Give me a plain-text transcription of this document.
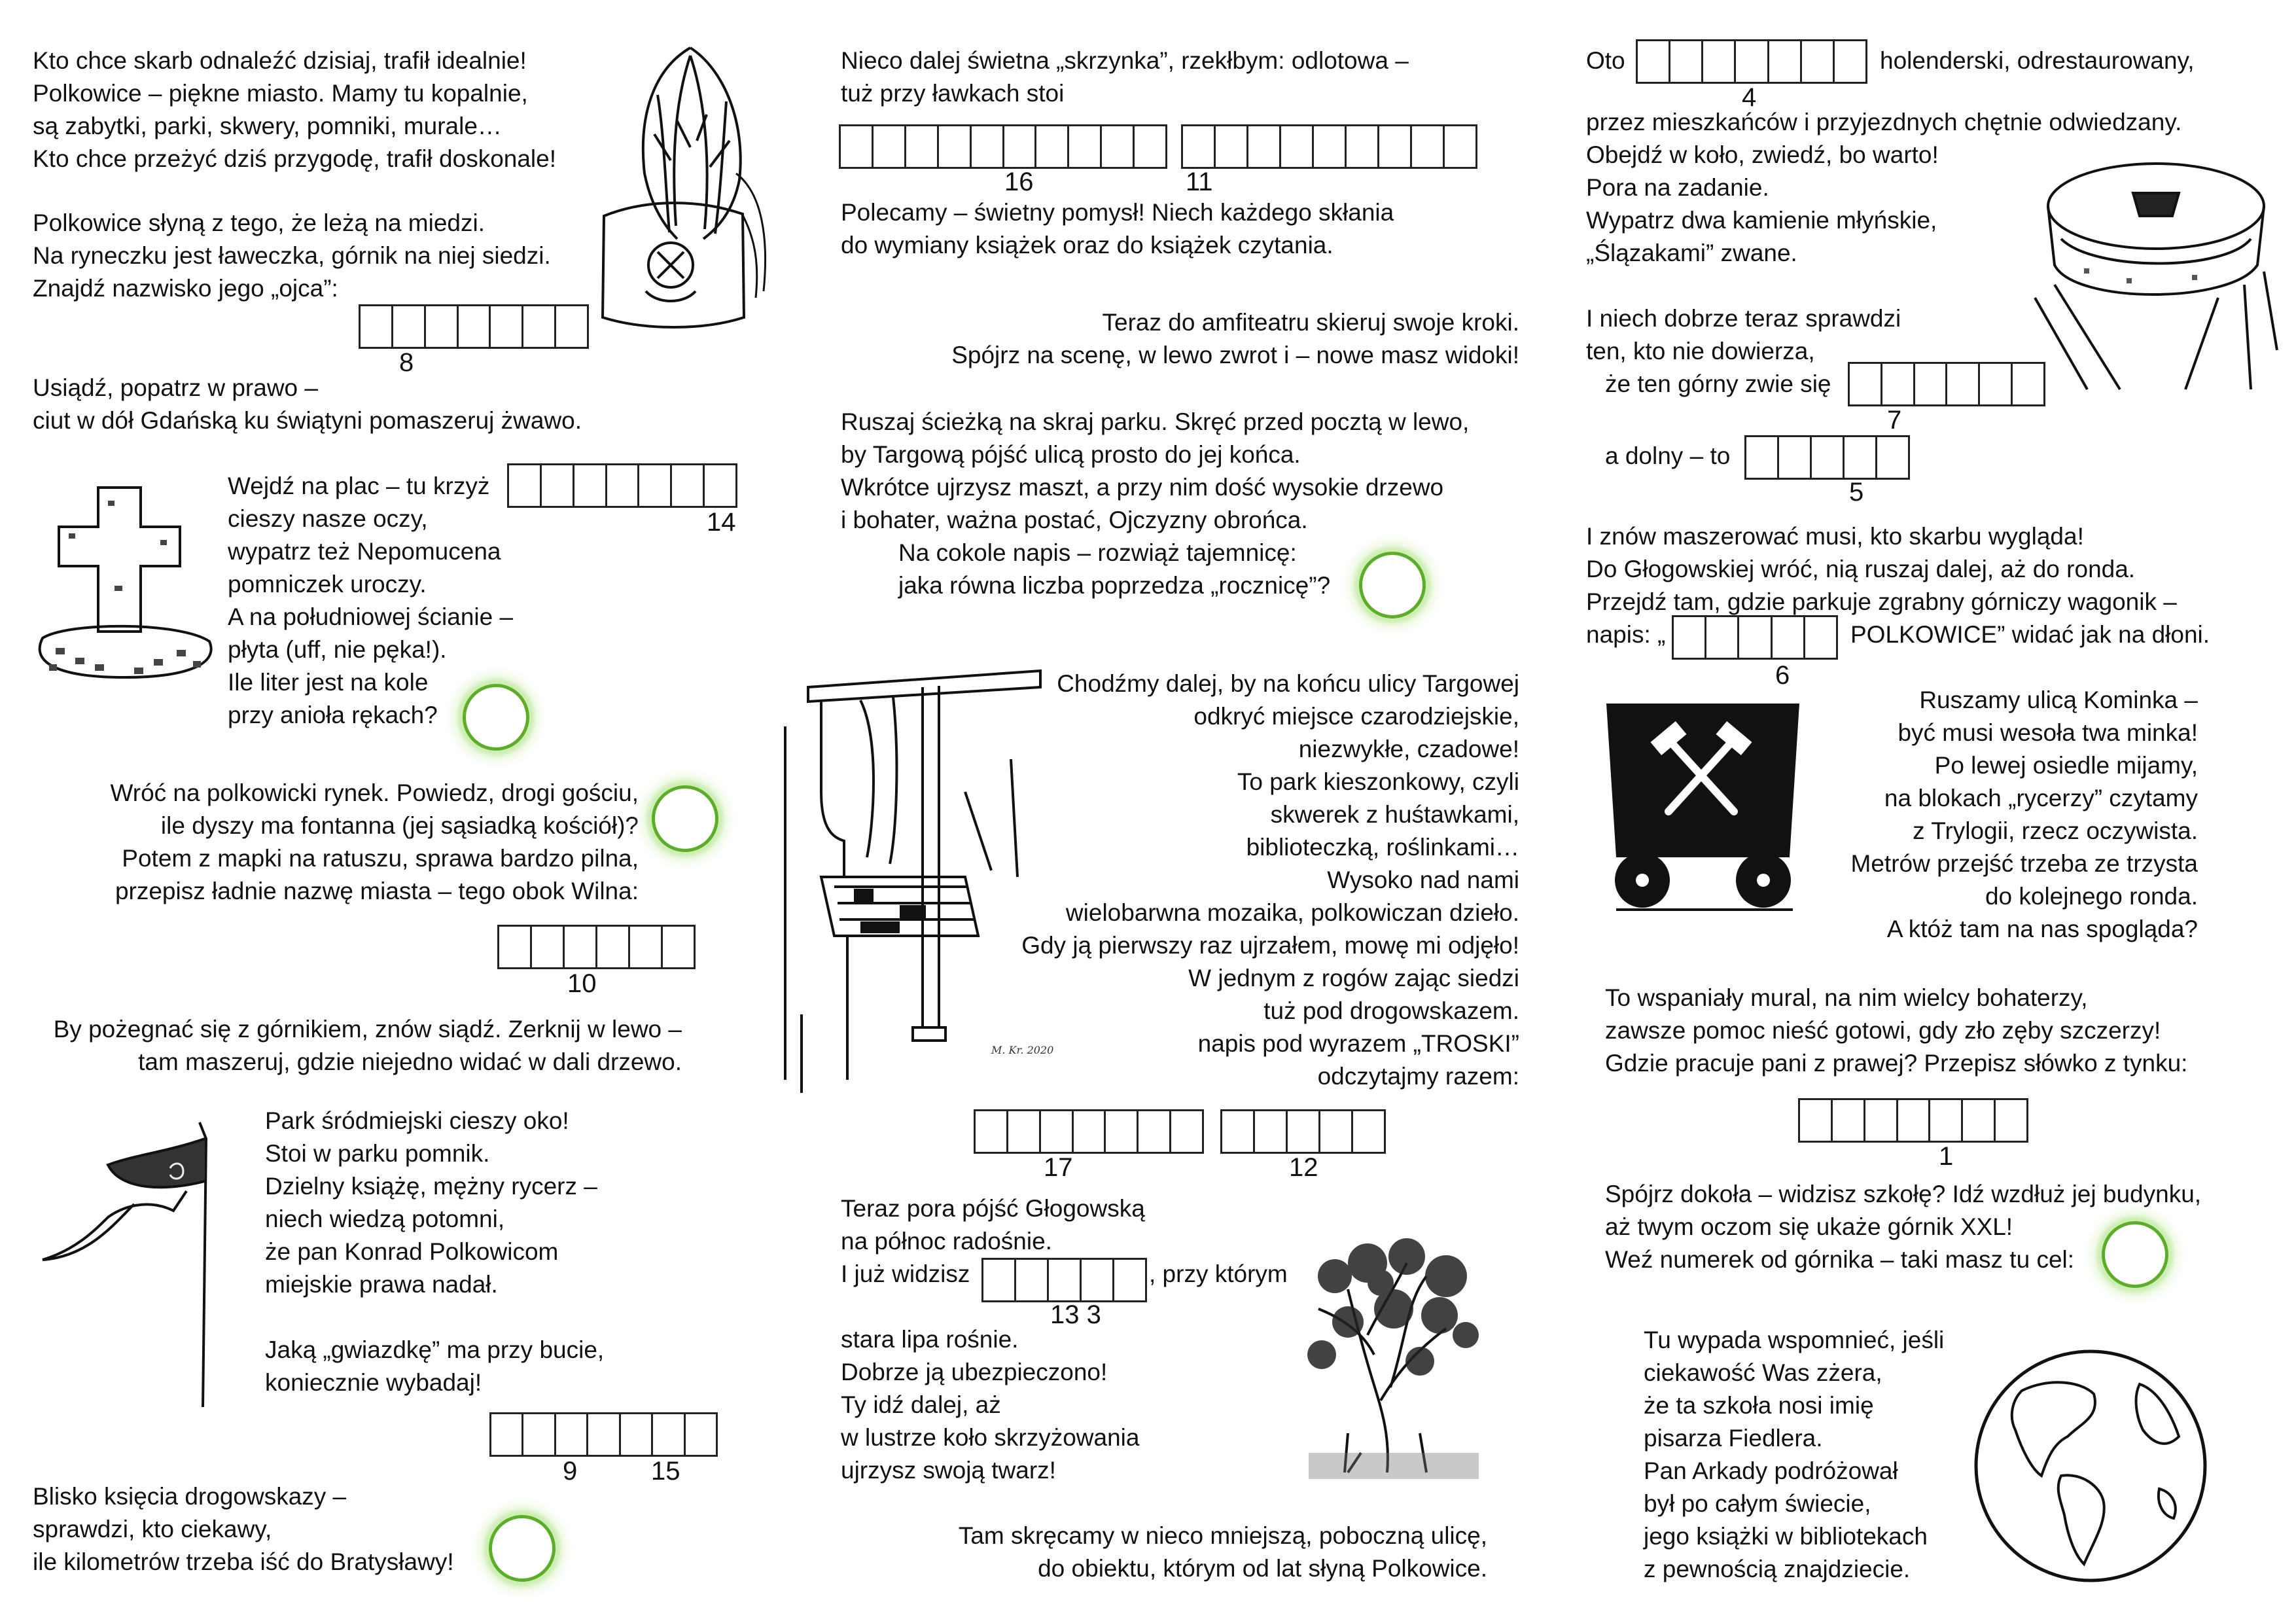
Kto chce skarb odnaleźć dzisiaj, trafił idealnie!
Polkowice – piękne miasto. Mamy tu kopalnie,
są zabytki, parki, skwery, pomniki, murale…
Kto chce przeżyć dziś przygodę, trafił doskonale!
Polkowice słyną z tego, że leżą na miedzi.
Na ryneczku jest ławeczka, górnik na niej siedzi.
Znajdź nazwisko jego „ojca”:
8
Usiądź, popatrz w prawo –
ciut w dół Gdańską ku świątyni pomaszeruj żwawo.
Wejdź na plac – tu krzyż
14
cieszy nasze oczy,
wypatrz też Nepomucena
pomniczek uroczy.
A na południowej ścianie –
płyta (uff, nie pęka!).
Ile liter jest na kole
przy anioła rękach?
Wróć na polkowicki rynek. Powiedz, drogi gościu,
ile dyszy ma fontanna (jej sąsiadką kościół)?
Potem z mapki na ratuszu, sprawa bardzo pilna,
przepisz ładnie nazwę miasta – tego obok Wilna:
10
By pożegnać się z górnikiem, znów siądź. Zerknij w lewo –
tam maszeruj, gdzie niejedno widać w dali drzewo.
Park śródmiejski cieszy oko!
Stoi w parku pomnik.
Dzielny książę, mężny rycerz –
niech wiedzą potomni,
że pan Konrad Polkowicom
miejskie prawa nadał.
Jaką „gwiazdkę” ma przy bucie,
koniecznie wybadaj!
9	15
Blisko księcia drogowskazy –
sprawdzi, kto ciekawy,
ile kilometrów trzeba iść do Bratysławy!
Nieco dalej świetna „skrzynka”, rzekłbym: odlotowa –
tuż przy ławkach stoi
16	11
Polecamy – świetny pomysł! Niech każdego skłania
do wymiany książek oraz do książek czytania.
Teraz do amfiteatru skieruj swoje kroki.
Spójrz na scenę, w lewo zwrot i – nowe masz widoki!
Ruszaj ścieżką na skraj parku. Skręć przed pocztą w lewo,
by Targową pójść ulicą prosto do jej końca.
Wkrótce ujrzysz maszt, a przy nim dość wysokie drzewo
i bohater, ważna postać, Ojczyzny obrońca.
Na cokole napis – rozwiąż tajemnicę:
jaka równa liczba poprzedza „rocznicę”?
M. Kr. 2020
Chodźmy dalej, by na końcu ulicy Targowej
odkryć miejsce czarodziejskie,
niezwykłe, czadowe!
To park kieszonkowy, czyli
skwerek z huśtawkami,
biblioteczką, roślinkami…
Wysoko nad nami
wielobarwna mozaika, polkowiczan dzieło.
Gdy ją pierwszy raz ujrzałem, mowę mi odjęło!
W jednym z rogów zając siedzi
tuż pod drogowskazem.
napis pod wyrazem „TROSKI”
odczytajmy razem:
17	12
Teraz pora pójść Głogowską
na północ radośnie.
I już widzisz	, przy którym
13 3
stara lipa rośnie.
Dobrze ją ubezpieczono!
Ty idź dalej, aż
w lustrze koło skrzyżowania
ujrzysz swoją twarz!
Tam skręcamy w nieco mniejszą, poboczną ulicę,
do obiektu, którym od lat słyną Polkowice.
Oto	holenderski, odrestaurowany,
4
przez mieszkańców i przyjezdnych chętnie odwiedzany.
Obejdź w koło, zwiedź, bo warto!
Pora na zadanie.
Wypatrz dwa kamienie młyńskie,
„Ślązakami” zwane.
I niech dobrze teraz sprawdzi
ten, kto nie dowierza,
że ten górny zwie się
7
a dolny – to
5
I znów maszerować musi, kto skarbu wygląda!
Do Głogowskiej wróć, nią ruszaj dalej, aż do ronda.
Przejdź tam, gdzie parkuje zgrabny górniczy wagonik –
napis: „	POLKOWICE” widać jak na dłoni.
6
Ruszamy ulicą Kominka –
być musi wesoła twa minka!
Po lewej osiedle mijamy,
na blokach „rycerzy” czytamy
z Trylogii, rzecz oczywista.
Metrów przejść trzeba ze trzysta
do kolejnego ronda.
A któż tam na nas spogląda?
To wspaniały mural, na nim wielcy bohaterzy,
zawsze pomoc nieść gotowi, gdy zło zęby szczerzy!
Gdzie pracuje pani z prawej? Przepisz słówko z tynku:
1
Spójrz dokoła – widzisz szkołę? Idź wzdłuż jej budynku,
aż twym oczom się ukaże górnik XXL!
Weź numerek od górnika – taki masz tu cel:
Tu wypada wspomnieć, jeśli
ciekawość Was zżera,
że ta szkoła nosi imię
pisarza Fiedlera.
Pan Arkady podróżował
był po całym świecie,
jego książki w bibliotekach
z pewnością znajdziecie.
